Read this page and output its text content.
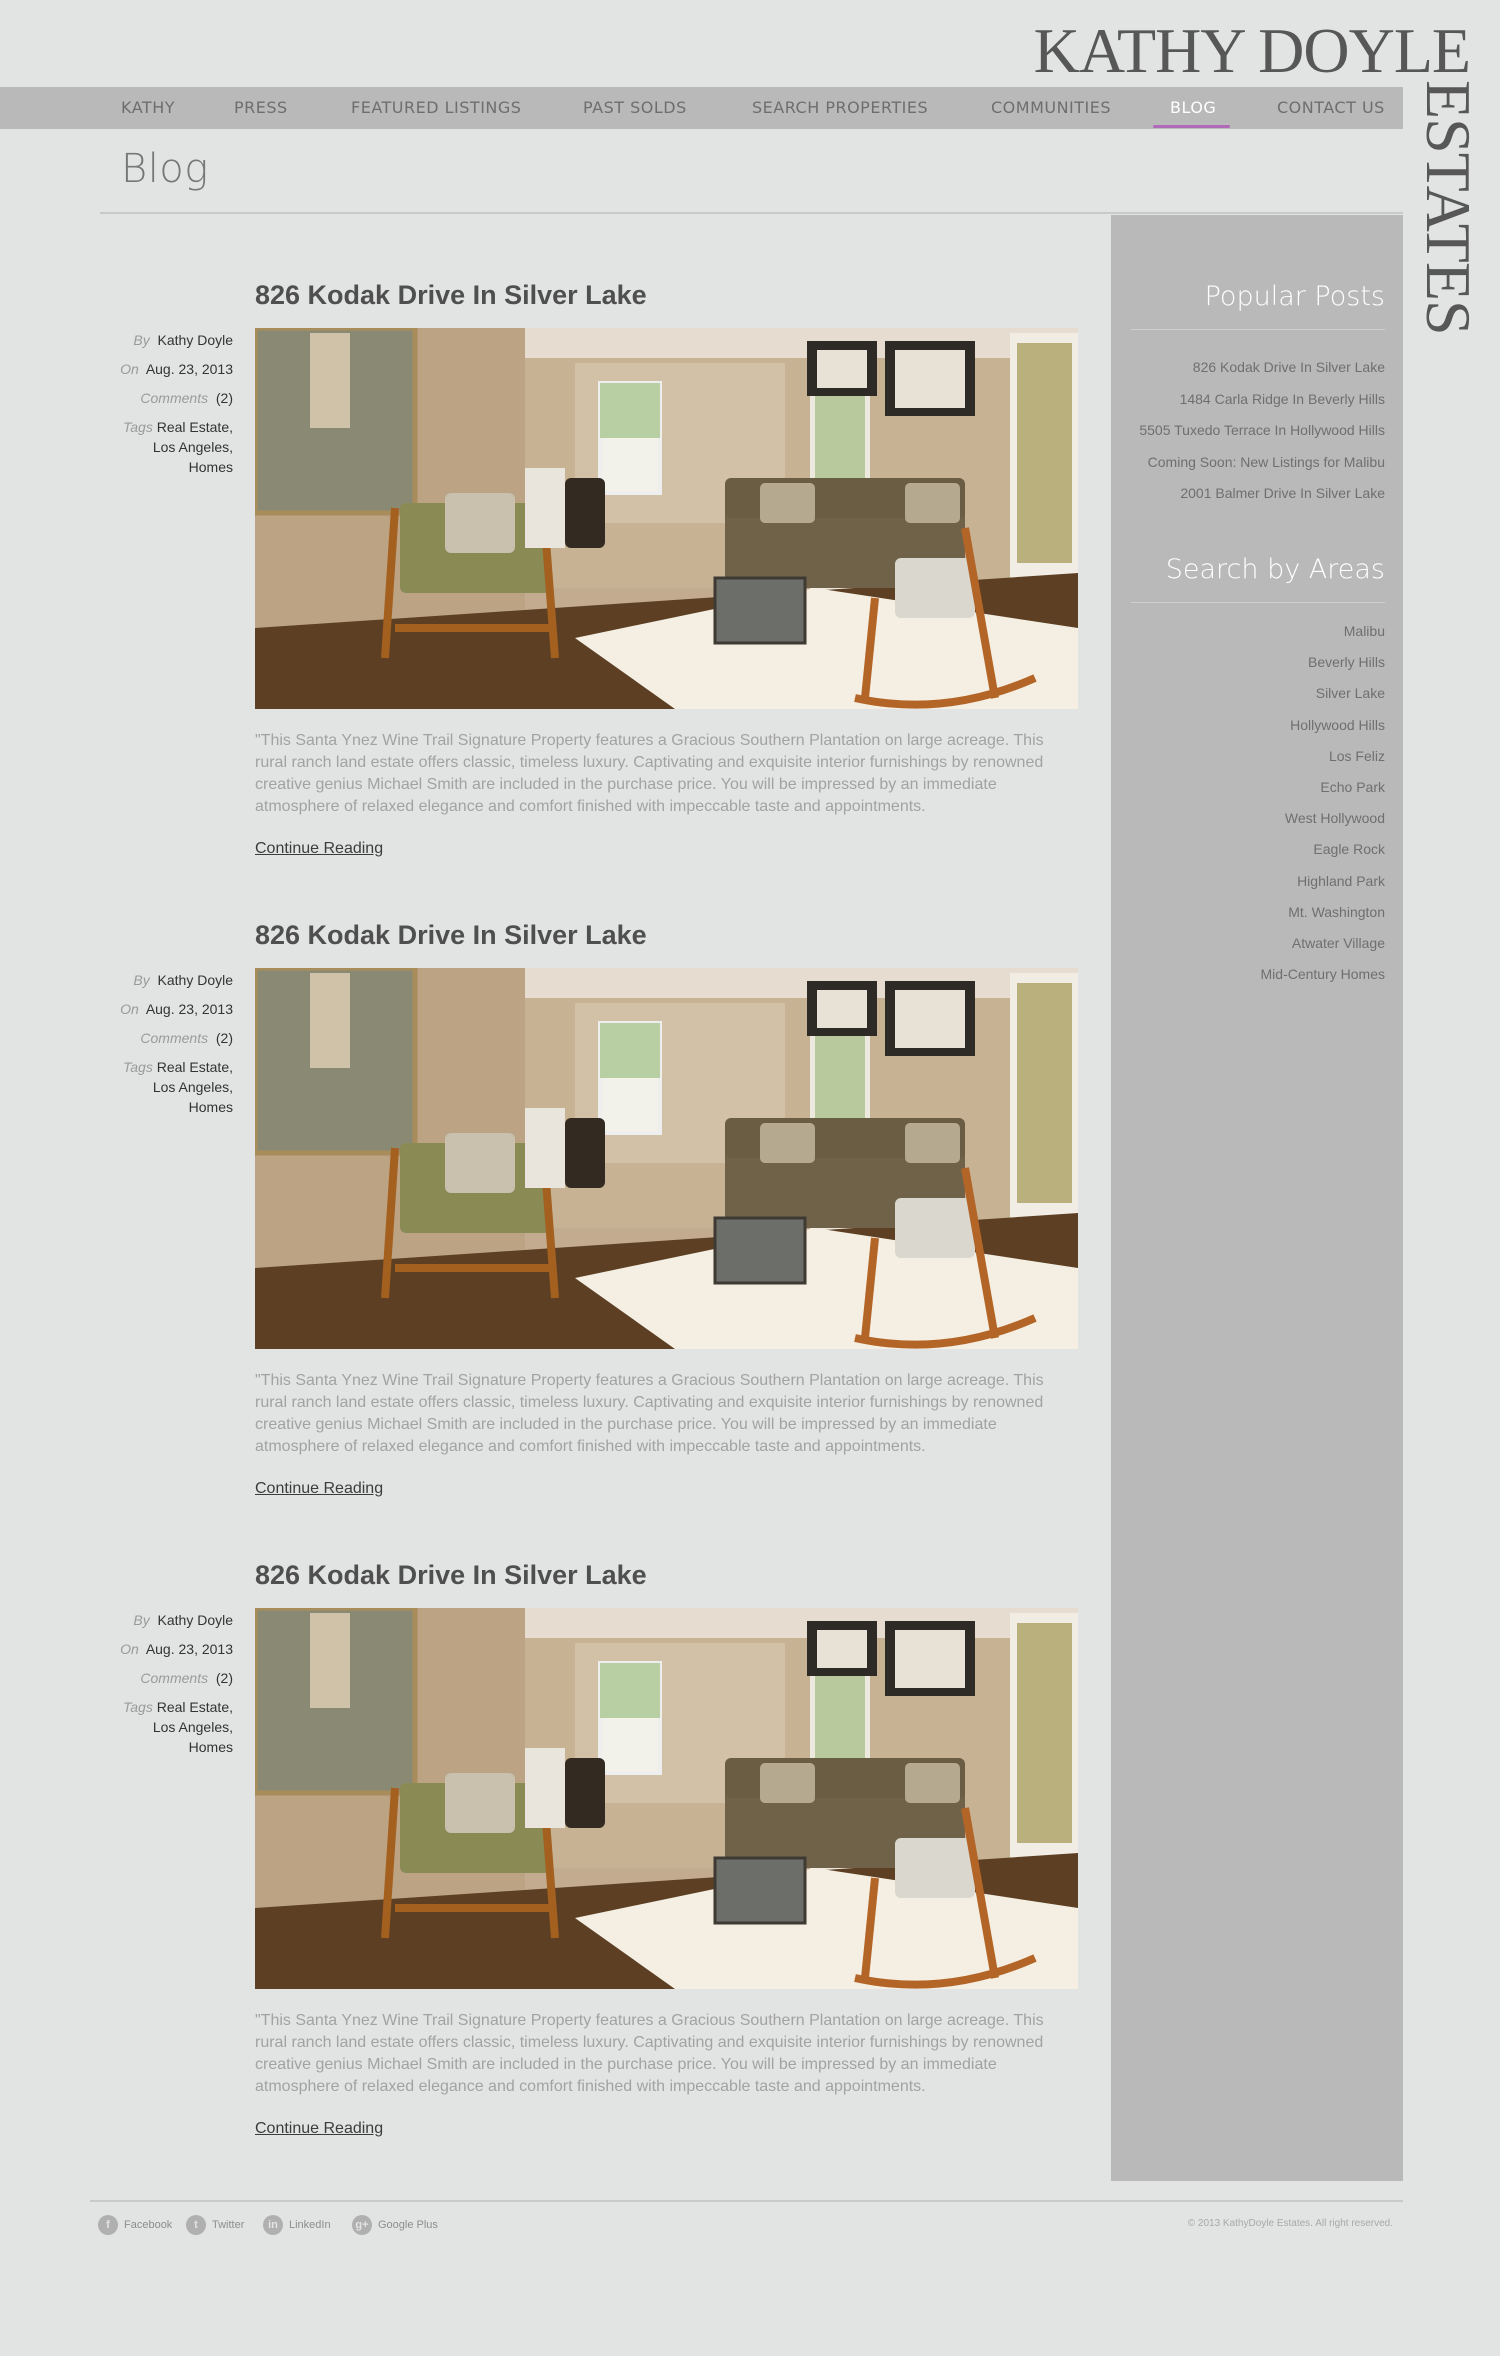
KATHY DOYLE
ESTATES
KATHY	PRESS	FEATURED LISTINGS	PAST SOLDS	SEARCH PROPERTIES	COMMUNITIES	BLOG	CONTACT US
Blog
826 Kodak Drive In Silver Lake
By Kathy Doyle
On Aug. 23, 2013
Comments (2)
Tags Real Estate,
Los Angeles,
Homes

"This Santa Ynez Wine Trail Signature Property features a Gracious Southern Plantation on large acreage. This rural ranch land estate offers classic, timeless luxury. Captivating and exquisite interior furnishings by renowned creative genius Michael Smith are included in the purchase price. You will be impressed by an immediate atmosphere of relaxed elegance and comfort finished with impeccable taste and appointments.

Continue Reading
826 Kodak Drive In Silver Lake
By Kathy Doyle
On Aug. 23, 2013
Comments (2)
Tags Real Estate,
Los Angeles,
Homes

"This Santa Ynez Wine Trail Signature Property features a Gracious Southern Plantation on large acreage. This rural ranch land estate offers classic, timeless luxury. Captivating and exquisite interior furnishings by renowned creative genius Michael Smith are included in the purchase price. You will be impressed by an immediate atmosphere of relaxed elegance and comfort finished with impeccable taste and appointments.

Continue Reading
826 Kodak Drive In Silver Lake
By Kathy Doyle
On Aug. 23, 2013
Comments (2)
Tags Real Estate,
Los Angeles,
Homes

"This Santa Ynez Wine Trail Signature Property features a Gracious Southern Plantation on large acreage. This rural ranch land estate offers classic, timeless luxury. Captivating and exquisite interior furnishings by renowned creative genius Michael Smith are included in the purchase price. You will be impressed by an immediate atmosphere of relaxed elegance and comfort finished with impeccable taste and appointments.

Continue Reading
Popular Posts
826 Kodak Drive In Silver Lake
1484 Carla Ridge In Beverly Hills
5505 Tuxedo Terrace In Hollywood Hills
Coming Soon: New Listings for Malibu
2001 Balmer Drive In Silver Lake
Search by Areas
Malibu
Beverly Hills
Silver Lake
Hollywood Hills
Los Feliz
Echo Park
West Hollywood
Eagle Rock
Highland Park
Mt. Washington
Atwater Village
Mid-Century Homes
f	Facebook	t	Twitter	in	LinkedIn	g+ Google Plus	© 2013 KathyDoyle Estates. All right reserved.
